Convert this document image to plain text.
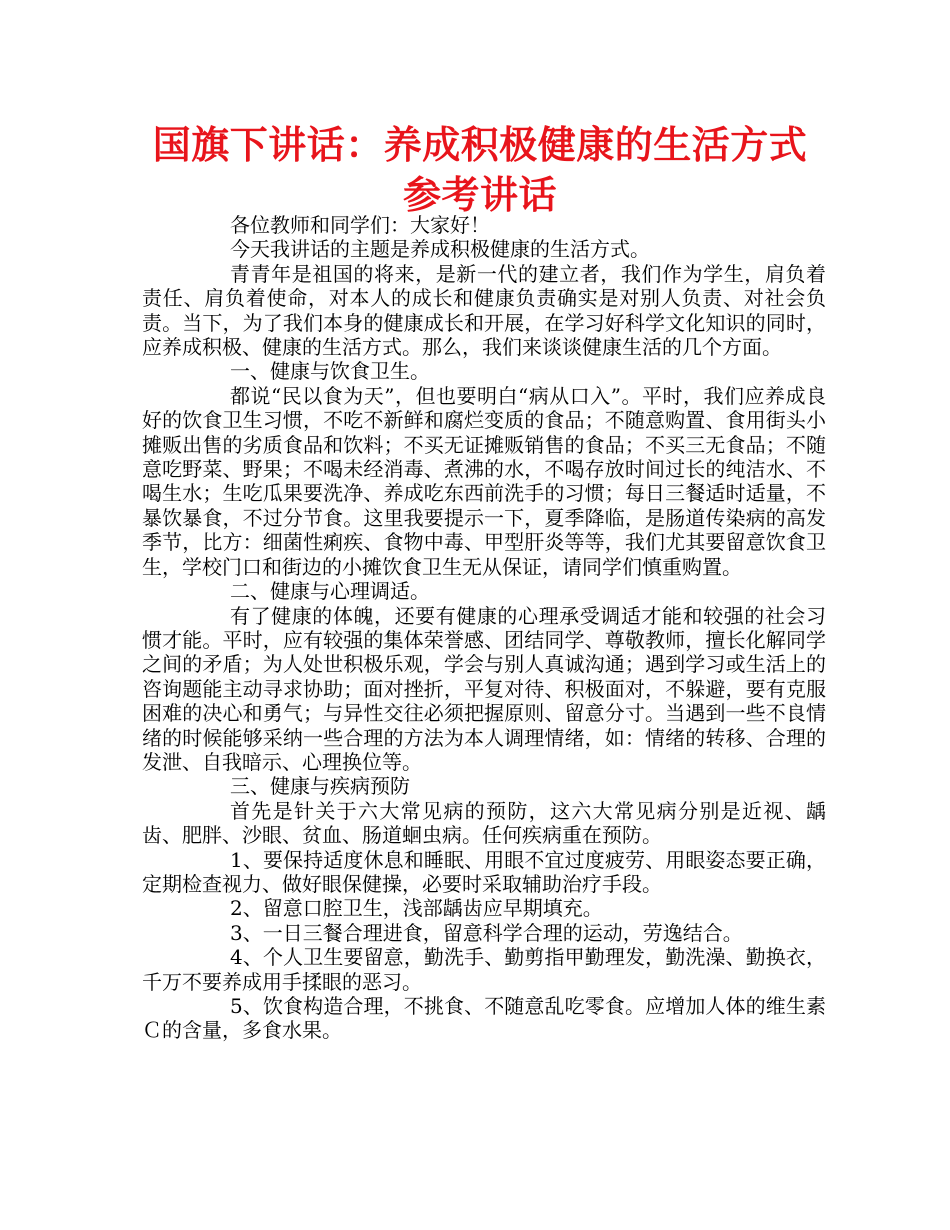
国旗下讲话：养成积极健康的生活方式参考讲话

各位教师和同学们：大家好！

今天我讲话的主题是养成积极健康的生活方式。

青青年是祖国的将来，是新一代的建立者，我们作为学生，肩负着责任、肩负着使命，对本人的成长和健康负责确实是对别人负责、对社会负责。当下，为了我们本身的健康成长和开展，在学习好科学文化知识的同时，应养成积极、健康的生活方式。那么，我们来谈谈健康生活的几个方面。

一、健康与饮食卫生。

都说“民以食为天”，但也要明白“病从口入”。平时，我们应养成良好的饮食卫生习惯，不吃不新鲜和腐烂变质的食品；不随意购置、食用街头小摊贩出售的劣质食品和饮料；不买无证摊贩销售的食品；不买三无食品；不随意吃野菜、野果；不喝未经消毒、煮沸的水，不喝存放时间过长的纯洁水、不喝生水；生吃瓜果要洗净、养成吃东西前洗手的习惯；每日三餐适时适量，不暴饮暴食，不过分节食。这里我要提示一下，夏季降临，是肠道传染病的高发季节，比方：细菌性痢疾、食物中毒、甲型肝炎等等，我们尤其要留意饮食卫生，学校门口和街边的小摊饮食卫生无从保证，请同学们慎重购置。

二、健康与心理调适。

有了健康的体魄，还要有健康的心理承受调适才能和较强的社会习惯才能。平时，应有较强的集体荣誉感、团结同学、尊敬教师，擅长化解同学之间的矛盾；为人处世积极乐观，学会与别人真诚沟通；遇到学习或生活上的咨询题能主动寻求协助；面对挫折，平复对待、积极面对，不躲避，要有克服困难的决心和勇气；与异性交往必须把握原则、留意分寸。当遇到一些不良情绪的时候能够采纳一些合理的方法为本人调理情绪，如：情绪的转移、合理的发泄、自我暗示、心理换位等。

三、健康与疾病预防

首先是针关于六大常见病的预防，这六大常见病分别是近视、龋齿、肥胖、沙眼、贫血、肠道蛔虫病。任何疾病重在预防。

1、要保持适度休息和睡眠、用眼不宜过度疲劳、用眼姿态要正确，定期检查视力、做好眼保健操，必要时采取辅助治疗手段。

2、留意口腔卫生，浅部龋齿应早期填充。

3、一日三餐合理进食，留意科学合理的运动，劳逸结合。

4、个人卫生要留意，勤洗手、勤剪指甲勤理发，勤洗澡、勤换衣，千万不要养成用手揉眼的恶习。

5、饮食构造合理，不挑食、不随意乱吃零食。应增加人体的维生素Ｃ的含量，多食水果。
